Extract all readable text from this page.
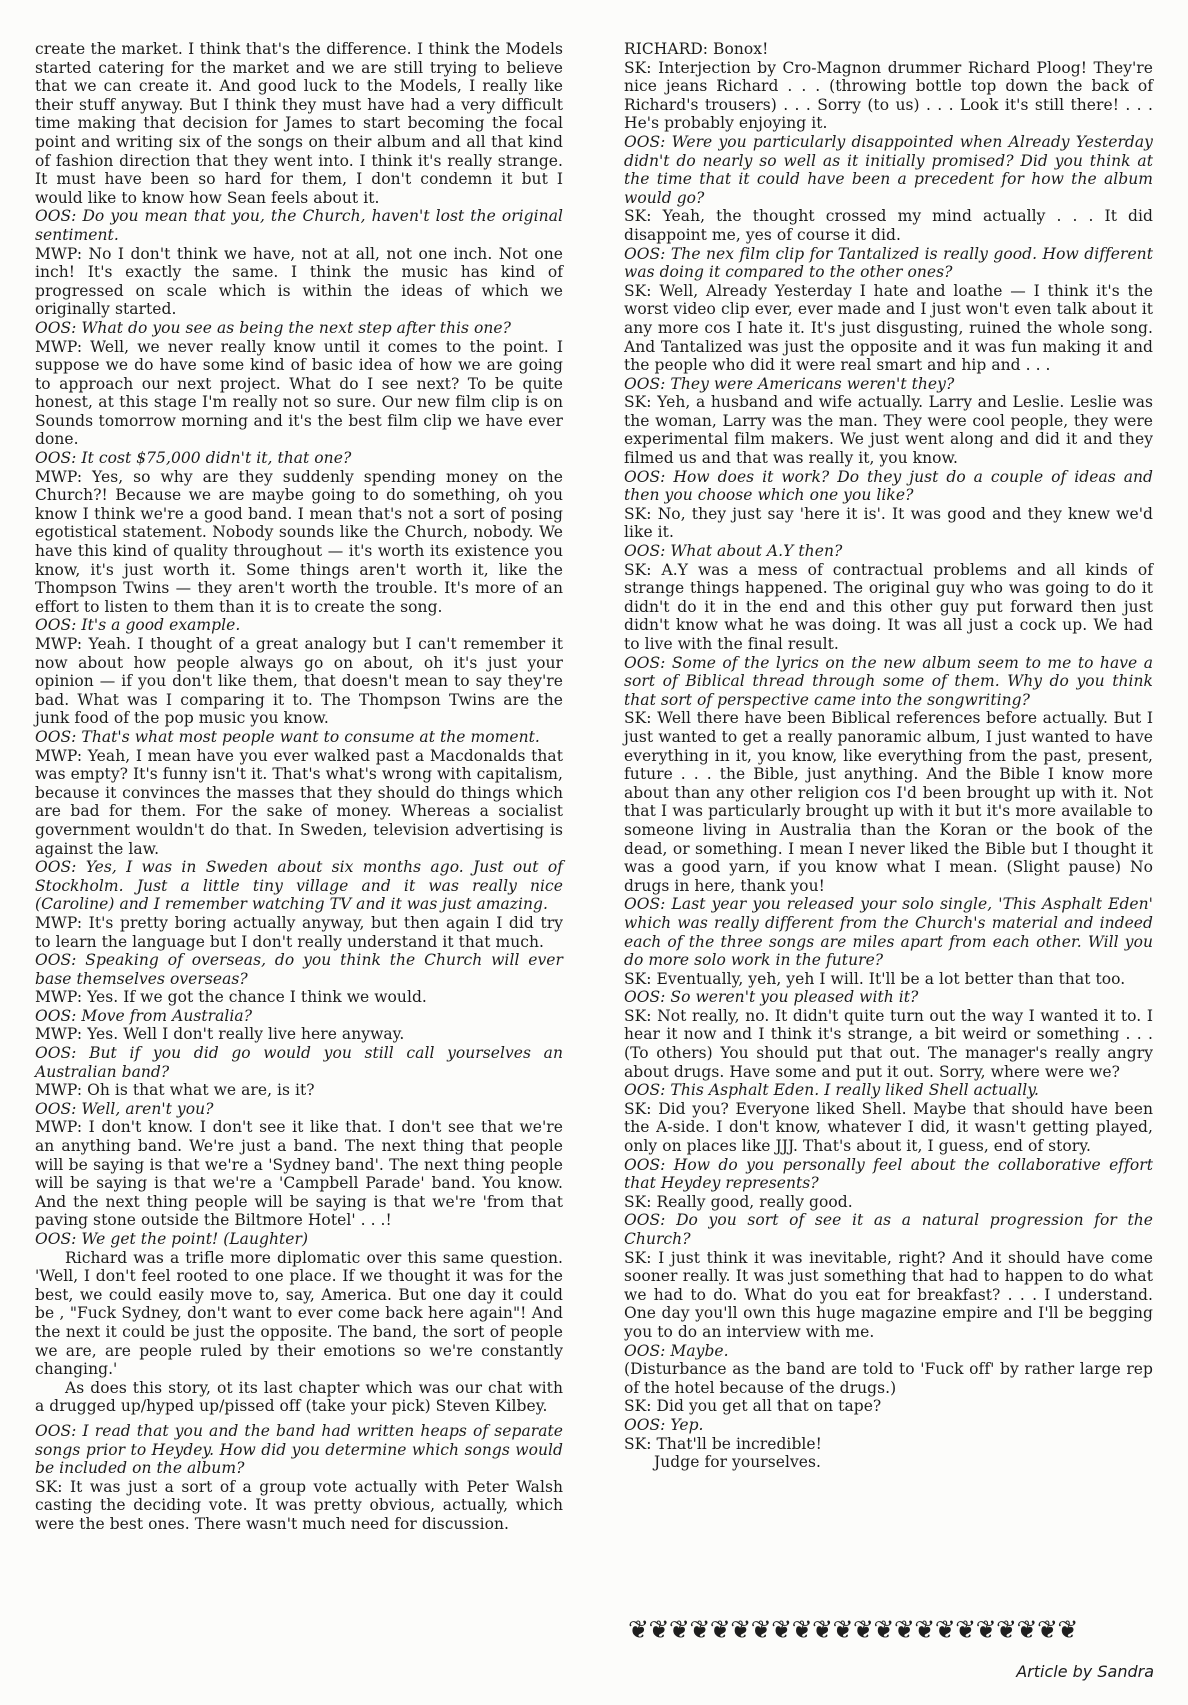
create the market. I think that's the difference. I think the Models started catering for the market and we are still trying to believe that we can create it. And good luck to the Models, I really like their stuff anyway. But I think they must have had a very difficult time making that decision for James to start becoming the focal point and writing six of the songs on their album and all that kind of fashion direction that they went into. I think it's really strange. It must have been so hard for them, I don't condemn it but I would like to know how Sean feels about it.

OOS: Do you mean that you, the Church, haven't lost the original sentiment.

MWP: No I don't think we have, not at all, not one inch. Not one inch! It's exactly the same. I think the music has kind of progressed on scale which is within the ideas of which we originally started.

OOS: What do you see as being the next step after this one?

MWP: Well, we never really know until it comes to the point. I suppose we do have some kind of basic idea of how we are going to approach our next project. What do I see next? To be quite honest, at this stage I'm really not so sure. Our new film clip is on Sounds tomorrow morning and it's the best film clip we have ever done.

OOS: It cost $75,000 didn't it, that one?

MWP: Yes, so why are they suddenly spending money on the Church?! Because we are maybe going to do something, oh you know I think we're a good band. I mean that's not a sort of posing egotistical statement. Nobody sounds like the Church, nobody. We have this kind of quality throughout — it's worth its existence you know, it's just worth it. Some things aren't worth it, like the Thompson Twins — they aren't worth the trouble. It's more of an effort to listen to them than it is to create the song.

OOS: It's a good example.

MWP: Yeah. I thought of a great analogy but I can't remember it now about how people always go on about, oh it's just your opinion — if you don't like them, that doesn't mean to say they're bad. What was I comparing it to. The Thompson Twins are the junk food of the pop music you know.

OOS: That's what most people want to consume at the moment.

MWP: Yeah, I mean have you ever walked past a Macdonalds that was empty? It's funny isn't it. That's what's wrong with capitalism, because it convinces the masses that they should do things which are bad for them. For the sake of money. Whereas a socialist government wouldn't do that. In Sweden, television advertising is against the law.

OOS: Yes, I was in Sweden about six months ago. Just out of Stockholm. Just a little tiny village and it was really nice (Caroline) and I remember watching TV and it was just amazing.

MWP: It's pretty boring actually anyway, but then again I did try to learn the language but I don't really understand it that much.

OOS: Speaking of overseas, do you think the Church will ever base themselves overseas?

MWP: Yes. If we got the chance I think we would.

OOS: Move from Australia?

MWP: Yes. Well I don't really live here anyway.

OOS: But if you did go would you still call yourselves an Australian band?

MWP: Oh is that what we are, is it?

OOS: Well, aren't you?

MWP: I don't know. I don't see it like that. I don't see that we're an anything band. We're just a band. The next thing that people will be saying is that we're a 'Sydney band'. The next thing people will be saying is that we're a 'Campbell Parade' band. You know. And the next thing people will be saying is that we're 'from that paving stone outside the Biltmore Hotel' . . .!

OOS: We get the point! (Laughter)

Richard was a trifle more diplomatic over this same question. 'Well, I don't feel rooted to one place. If we thought it was for the best, we could easily move to, say, America. But one day it could be , "Fuck Sydney, don't want to ever come back here again"! And the next it could be just the opposite. The band, the sort of people we are, are people ruled by their emotions so we're constantly changing.'

As does this story, ot its last chapter which was our chat with a drugged up/hyped up/pissed off (take your pick) Steven Kilbey.

OOS: I read that you and the band had written heaps of separate songs prior to Heydey. How did you determine which songs would be included on the album?

SK: It was just a sort of a group vote actually with Peter Walsh casting the deciding vote. It was pretty obvious, actually, which were the best ones. There wasn't much need for discussion.

RICHARD: Bonox!

SK: Interjection by Cro-Magnon drummer Richard Ploog! They're nice jeans Richard . . . (throwing bottle top down the back of Richard's trousers) . . . Sorry (to us) . . . Look it's still there! . . . He's probably enjoying it.

OOS: Were you particularly disappointed when Already Yesterday didn't do nearly so well as it initially promised? Did you think at the time that it could have been a precedent for how the album would go?

SK: Yeah, the thought crossed my mind actually . . . It did disappoint me, yes of course it did.

OOS: The nex film clip for Tantalized is really good. How different was doing it compared to the other ones?

SK: Well, Already Yesterday I hate and loathe — I think it's the worst video clip ever, ever made and I just won't even talk about it any more cos I hate it. It's just disgusting, ruined the whole song. And Tantalized was just the opposite and it was fun making it and the people who did it were real smart and hip and . . .

OOS: They were Americans weren't they?

SK: Yeh, a husband and wife actually. Larry and Leslie. Leslie was the woman, Larry was the man. They were cool people, they were experimental film makers. We just went along and did it and they filmed us and that was really it, you know.

OOS: How does it work? Do they just do a couple of ideas and then you choose which one you like?

SK: No, they just say 'here it is'. It was good and they knew we'd like it.

OOS: What about A.Y then?

SK: A.Y was a mess of contractual problems and all kinds of strange things happened. The original guy who was going to do it didn't do it in the end and this other guy put forward then just didn't know what he was doing. It was all just a cock up. We had to live with the final result.

OOS: Some of the lyrics on the new album seem to me to have a sort of Biblical thread through some of them. Why do you think that sort of perspective came into the songwriting?

SK: Well there have been Biblical references before actually. But I just wanted to get a really panoramic album, I just wanted to have everything in it, you know, like everything from the past, present, future . . . the Bible, just anything. And the Bible I know more about than any other religion cos I'd been brought up with it. Not that I was particularly brought up with it but it's more available to someone living in Australia than the Koran or the book of the dead, or something. I mean I never liked the Bible but I thought it was a good yarn, if you know what I mean. (Slight pause) No drugs in here, thank you!

OOS: Last year you released your solo single, 'This Asphalt Eden' which was really different from the Church's material and indeed each of the three songs are miles apart from each other. Will you do more solo work in the future?

SK: Eventually, yeh, yeh I will. It'll be a lot better than that too.

OOS: So weren't you pleased with it?

SK: Not really, no. It didn't quite turn out the way I wanted it to. I hear it now and I think it's strange, a bit weird or something . . . (To others) You should put that out. The manager's really angry about drugs. Have some and put it out. Sorry, where were we?

OOS: This Asphalt Eden. I really liked Shell actually.

SK: Did you? Everyone liked Shell. Maybe that should have been the A-side. I don't know, whatever I did, it wasn't getting played, only on places like JJJ. That's about it, I guess, end of story.

OOS: How do you personally feel about the collaborative effort that Heydey represents?

SK: Really good, really good.

OOS: Do you sort of see it as a natural progression for the Church?

SK: I just think it was inevitable, right? And it should have come sooner really. It was just something that had to happen to do what we had to do. What do you eat for breakfast? . . . I understand. One day you'll own this huge magazine empire and I'll be begging you to do an interview with me.

OOS: Maybe.

(Disturbance as the band are told to 'Fuck off' by rather large rep of the hotel because of the drugs.)

SK: Did you get all that on tape?

OOS: Yep.

SK: That'll be incredible!

Judge for yourselves.

❦❦❦❦❦❦❦❦❦❦❦❦❦❦❦❦❦❦❦❦❦❦
Article by Sandra
